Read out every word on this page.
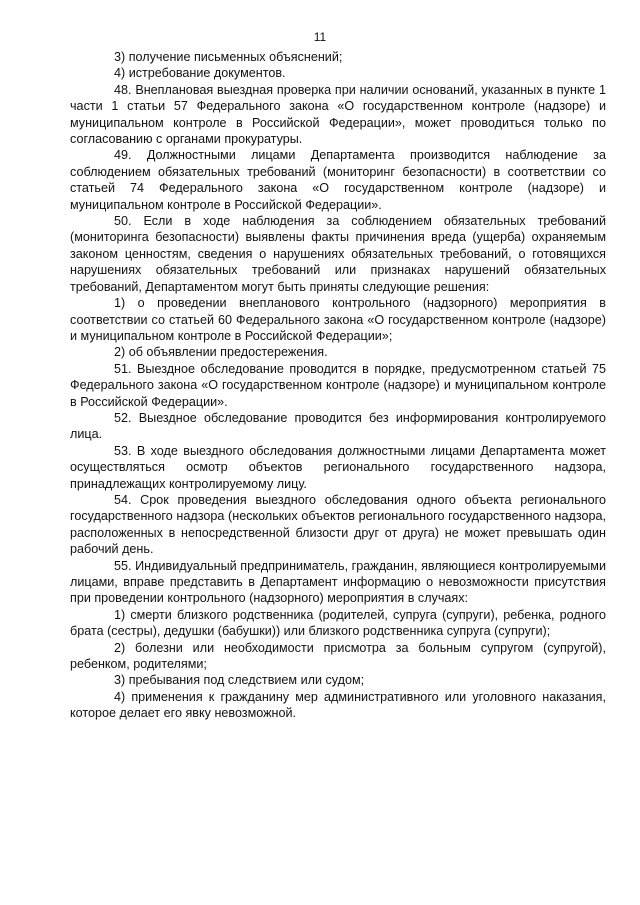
11

3) получение письменных объяснений;

4) истребование документов.

48. Внеплановая выездная проверка при наличии оснований, указанных в пункте 1 части 1 статьи 57 Федерального закона «О государственном контроле (надзоре) и муниципальном контроле в Российской Федерации», может проводиться только по согласованию с органами прокуратуры.

49. Должностными лицами Департамента производится наблюдение за соблюдением обязательных требований (мониторинг безопасности) в соответствии со статьей 74 Федерального закона «О государственном контроле (надзоре) и муниципальном контроле в Российской Федерации».

50. Если в ходе наблюдения за соблюдением обязательных требований (мониторинга безопасности) выявлены факты причинения вреда (ущерба) охраняемым законом ценностям, сведения о нарушениях обязательных требований, о готовящихся нарушениях обязательных требований или признаках нарушений обязательных требований, Департаментом могут быть приняты следующие решения:

1) о проведении внепланового контрольного (надзорного) мероприятия в соответствии со статьей 60 Федерального закона «О государственном контроле (надзоре) и муниципальном контроле в Российской Федерации»;

2) об объявлении предостережения.

51. Выездное обследование проводится в порядке, предусмотренном статьей 75 Федерального закона «О государственном контроле (надзоре) и муниципальном контроле в Российской Федерации».

52. Выездное обследование проводится без информирования контролируемого лица.

53. В ходе выездного обследования должностными лицами Департамента может осуществляться осмотр объектов регионального государственного надзора, принадлежащих контролируемому лицу.

54. Срок проведения выездного обследования одного объекта регионального государственного надзора (нескольких объектов регионального государственного надзора, расположенных в непосредственной близости друг от друга) не может превышать один рабочий день.

55. Индивидуальный предприниматель, гражданин, являющиеся контролируемыми лицами, вправе представить в Департамент информацию о невозможности присутствия при проведении контрольного (надзорного) мероприятия в случаях:

1) смерти близкого родственника (родителей, супруга (супруги), ребенка, родного брата (сестры), дедушки (бабушки)) или близкого родственника супруга (супруги);

2) болезни или необходимости присмотра за больным супругом (супругой), ребенком, родителями;

3) пребывания под следствием или судом;

4) применения к гражданину мер административного или уголовного наказания, которое делает его явку невозможной.
